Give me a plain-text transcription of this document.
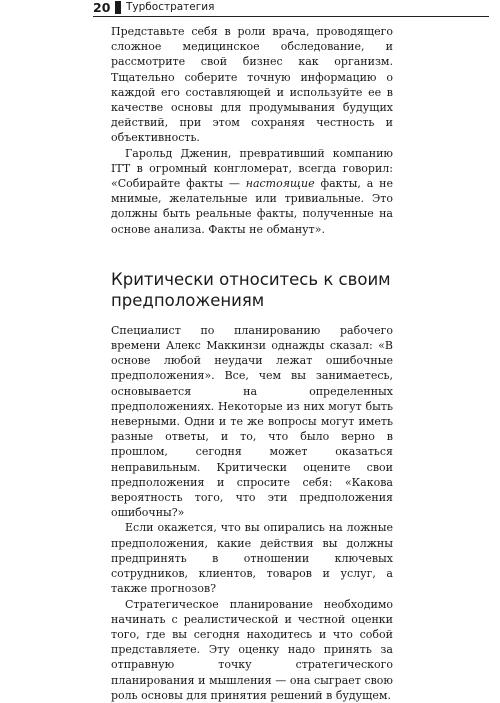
20	Турбостратегия

Представьте себя в роли врача, проводящего сложное медицинское обследование, и рассмотрите свой бизнес как организм. Тщательно соберите точную информацию о каждой его составляющей и используйте ее в качестве основы для продумывания будущих действий, при этом сохраняя честность и объективность.

Гарольд Дженин, превративший компанию ITT в огромный конгломерат, всегда говорил: «Собирайте факты — настоящие факты, а не мнимые, желательные или тривиальные. Это должны быть реальные факты, полученные на основе анализа. Факты не обманут».

Критически относитесь к своим предположениям

Специалист по планированию рабочего времени Алекс Маккинзи однажды сказал: «В основе любой неудачи лежат ошибочные предположения». Все, чем вы занимаетесь, основывается на определенных предположениях. Некоторые из них могут быть неверными. Одни и те же вопросы могут иметь разные ответы, и то, что было верно в прошлом, сегодня может оказаться неправильным. Критически оцените свои предположения и спросите себя: «Какова вероятность того, что эти предположения ошибочны?»

Если окажется, что вы опирались на ложные предположения, какие действия вы должны предпринять в отношении ключевых сотрудников, клиентов, товаров и услуг, а также прогнозов?

Стратегическое планирование необходимо начинать с реалистической и честной оценки того, где вы сегодня находитесь и что собой представляете. Эту оценку надо принять за отправную точку стратегического планирования и мышления — она сыграет свою роль основы для принятия решений в будущем.
